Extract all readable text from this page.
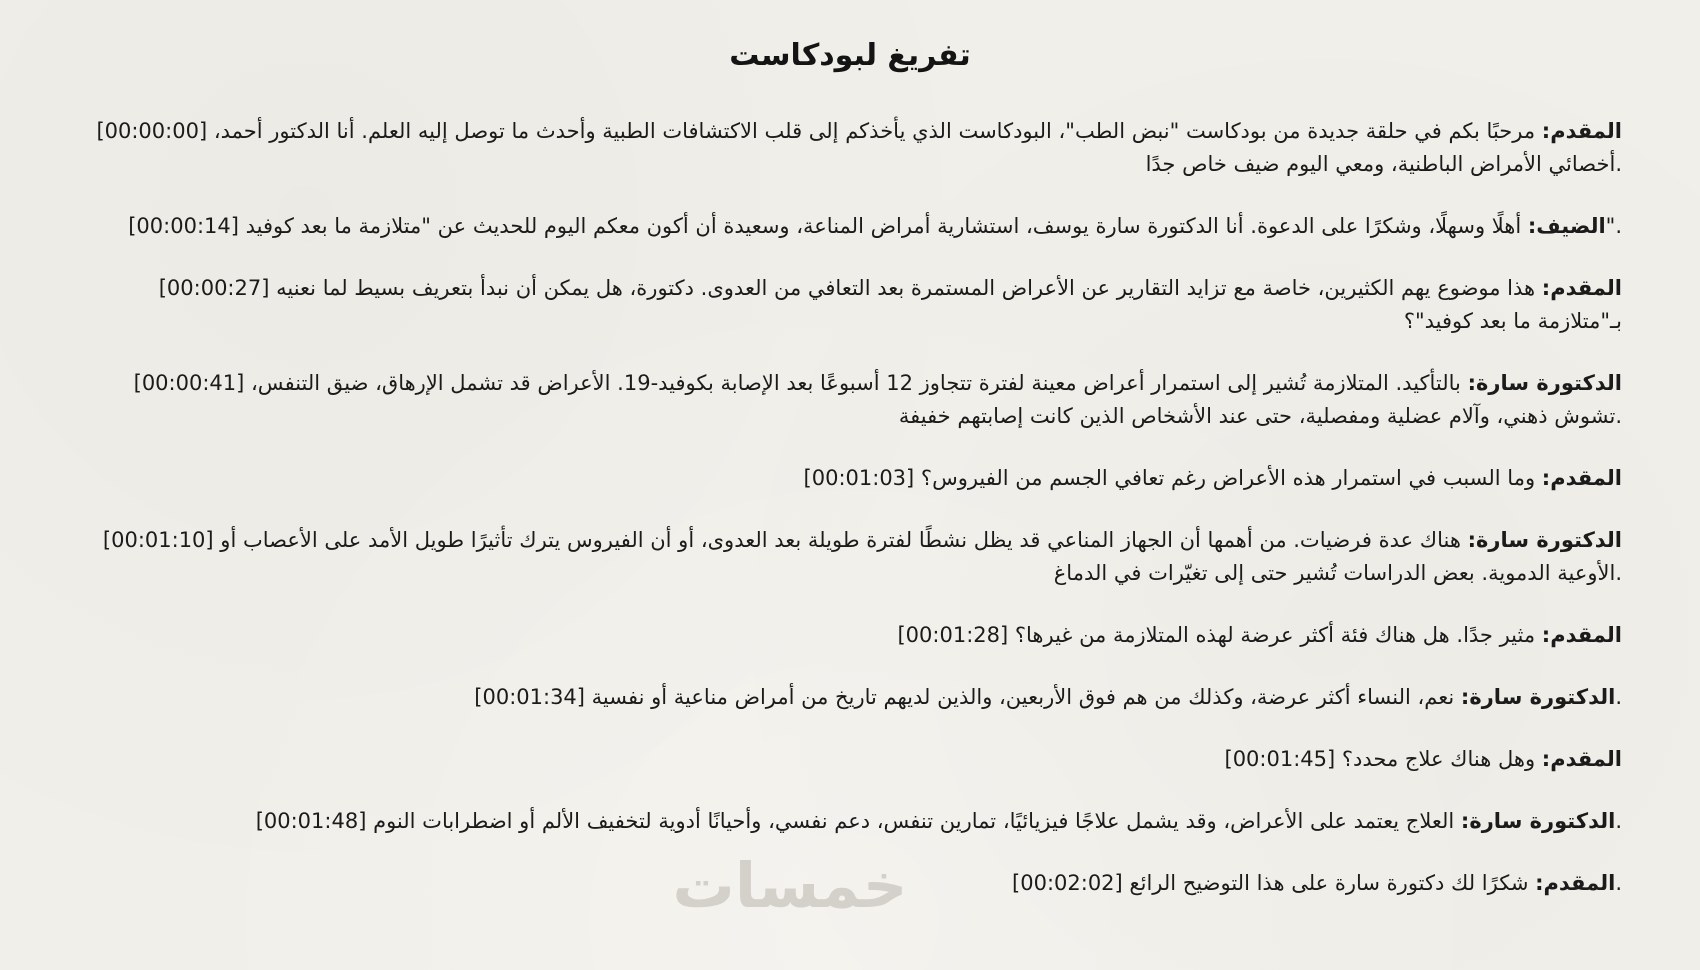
خمسات
تفريغ لبودكاست

[00:00:00]	المقدم: مرحبًا بكم في حلقة جديدة من بودكاست "نبض الطب"، البودكاست الذي يأخذكم إلى قلب الاكتشافات الطبية وأحدث ما توصل إليه العلم. أنا الدكتور أحمد، أخصائي الأمراض الباطنية، ومعي اليوم ضيف خاص جدًا.

[00:00:14]	الضيف: أهلًا وسهلًا، وشكرًا على الدعوة. أنا الدكتورة سارة يوسف، استشارية أمراض المناعة، وسعيدة أن أكون معكم اليوم للحديث عن "متلازمة ما بعد كوفيد".

[00:00:27]	المقدم: هذا موضوع يهم الكثيرين، خاصة مع تزايد التقارير عن الأعراض المستمرة بعد التعافي من العدوى. دكتورة، هل يمكن أن نبدأ بتعريف بسيط لما نعنيه بـ"متلازمة ما بعد كوفيد"؟

[00:00:41]	الدكتورة سارة: بالتأكيد. المتلازمة تُشير إلى استمرار أعراض معينة لفترة تتجاوز 12 أسبوعًا بعد الإصابة بكوفيد-19. الأعراض قد تشمل الإرهاق، ضيق التنفس، تشوش ذهني، وآلام عضلية ومفصلية، حتى عند الأشخاص الذين كانت إصابتهم خفيفة.

[00:01:03]	المقدم: وما السبب في استمرار هذه الأعراض رغم تعافي الجسم من الفيروس؟

[00:01:10]	الدكتورة سارة: هناك عدة فرضيات. من أهمها أن الجهاز المناعي قد يظل نشطًا لفترة طويلة بعد العدوى، أو أن الفيروس يترك تأثيرًا طويل الأمد على الأعصاب أو الأوعية الدموية. بعض الدراسات تُشير حتى إلى تغيّرات في الدماغ.

[00:01:28]	المقدم: مثير جدًا. هل هناك فئة أكثر عرضة لهذه المتلازمة من غيرها؟

[00:01:34]	الدكتورة سارة: نعم، النساء أكثر عرضة، وكذلك من هم فوق الأربعين، والذين لديهم تاريخ من أمراض مناعية أو نفسية.

[00:01:45]	المقدم: وهل هناك علاج محدد؟

[00:01:48]	الدكتورة سارة: العلاج يعتمد على الأعراض، وقد يشمل علاجًا فيزيائيًا، تمارين تنفس، دعم نفسي، وأحيانًا أدوية لتخفيف الألم أو اضطرابات النوم.

[00:02:02]	المقدم: شكرًا لك دكتورة سارة على هذا التوضيح الرائع.
